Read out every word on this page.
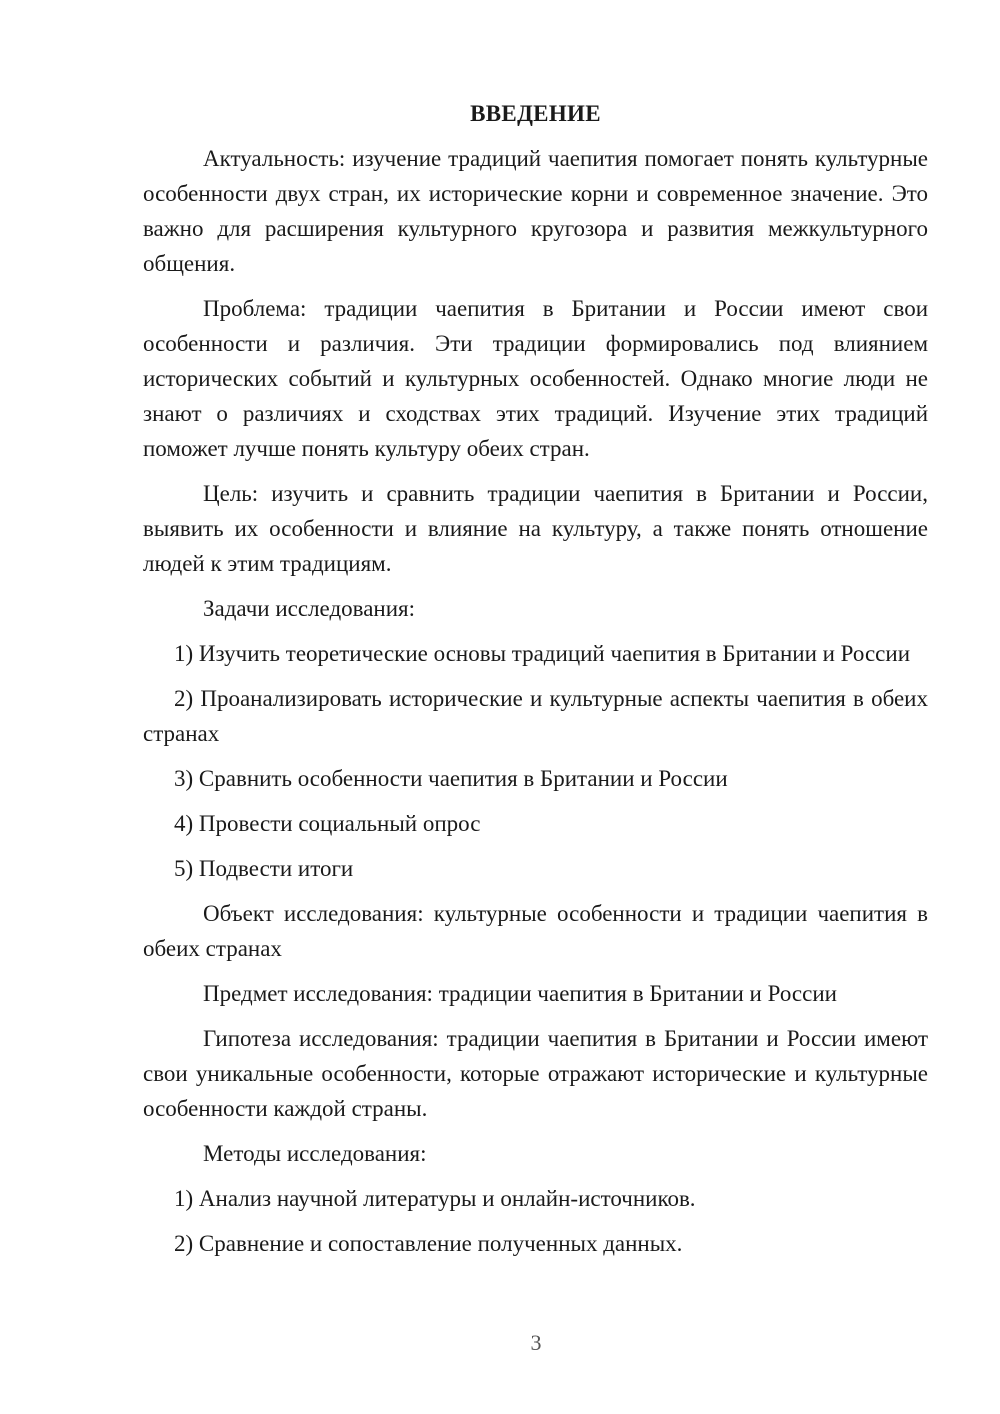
ВВЕДЕНИЕ

Актуальность: изучение традиций чаепития помогает понять культурные особенности двух стран, их исторические корни и современное значение. Это важно для расширения культурного кругозора и развития межкультурного общения.

Проблема: традиции чаепития в Британии и России имеют свои особенности и различия. Эти традиции формировались под влиянием исторических событий и культурных особенностей. Однако многие люди не знают о различиях и сходствах этих традиций. Изучение этих традиций поможет лучше понять культуру обеих стран.

Цель: изучить и сравнить традиции чаепития в Британии и России, выявить их особенности и влияние на культуру, а также понять отношение людей к этим традициям.

Задачи исследования:

1) Изучить теоретические основы традиций чаепития в Британии и России

2) Проанализировать исторические и культурные аспекты чаепития в обеих странах

3) Сравнить особенности чаепития в Британии и России

4) Провести социальный опрос

5) Подвести итоги

Объект исследования: культурные особенности и традиции чаепития в обеих странах

Предмет исследования: традиции чаепития в Британии и России

Гипотеза исследования: традиции чаепития в Британии и России имеют свои уникальные особенности, которые отражают исторические и культурные особенности каждой страны.

Методы исследования:

1) Анализ научной литературы и онлайн-источников.

2) Сравнение и сопоставление полученных данных.

3
